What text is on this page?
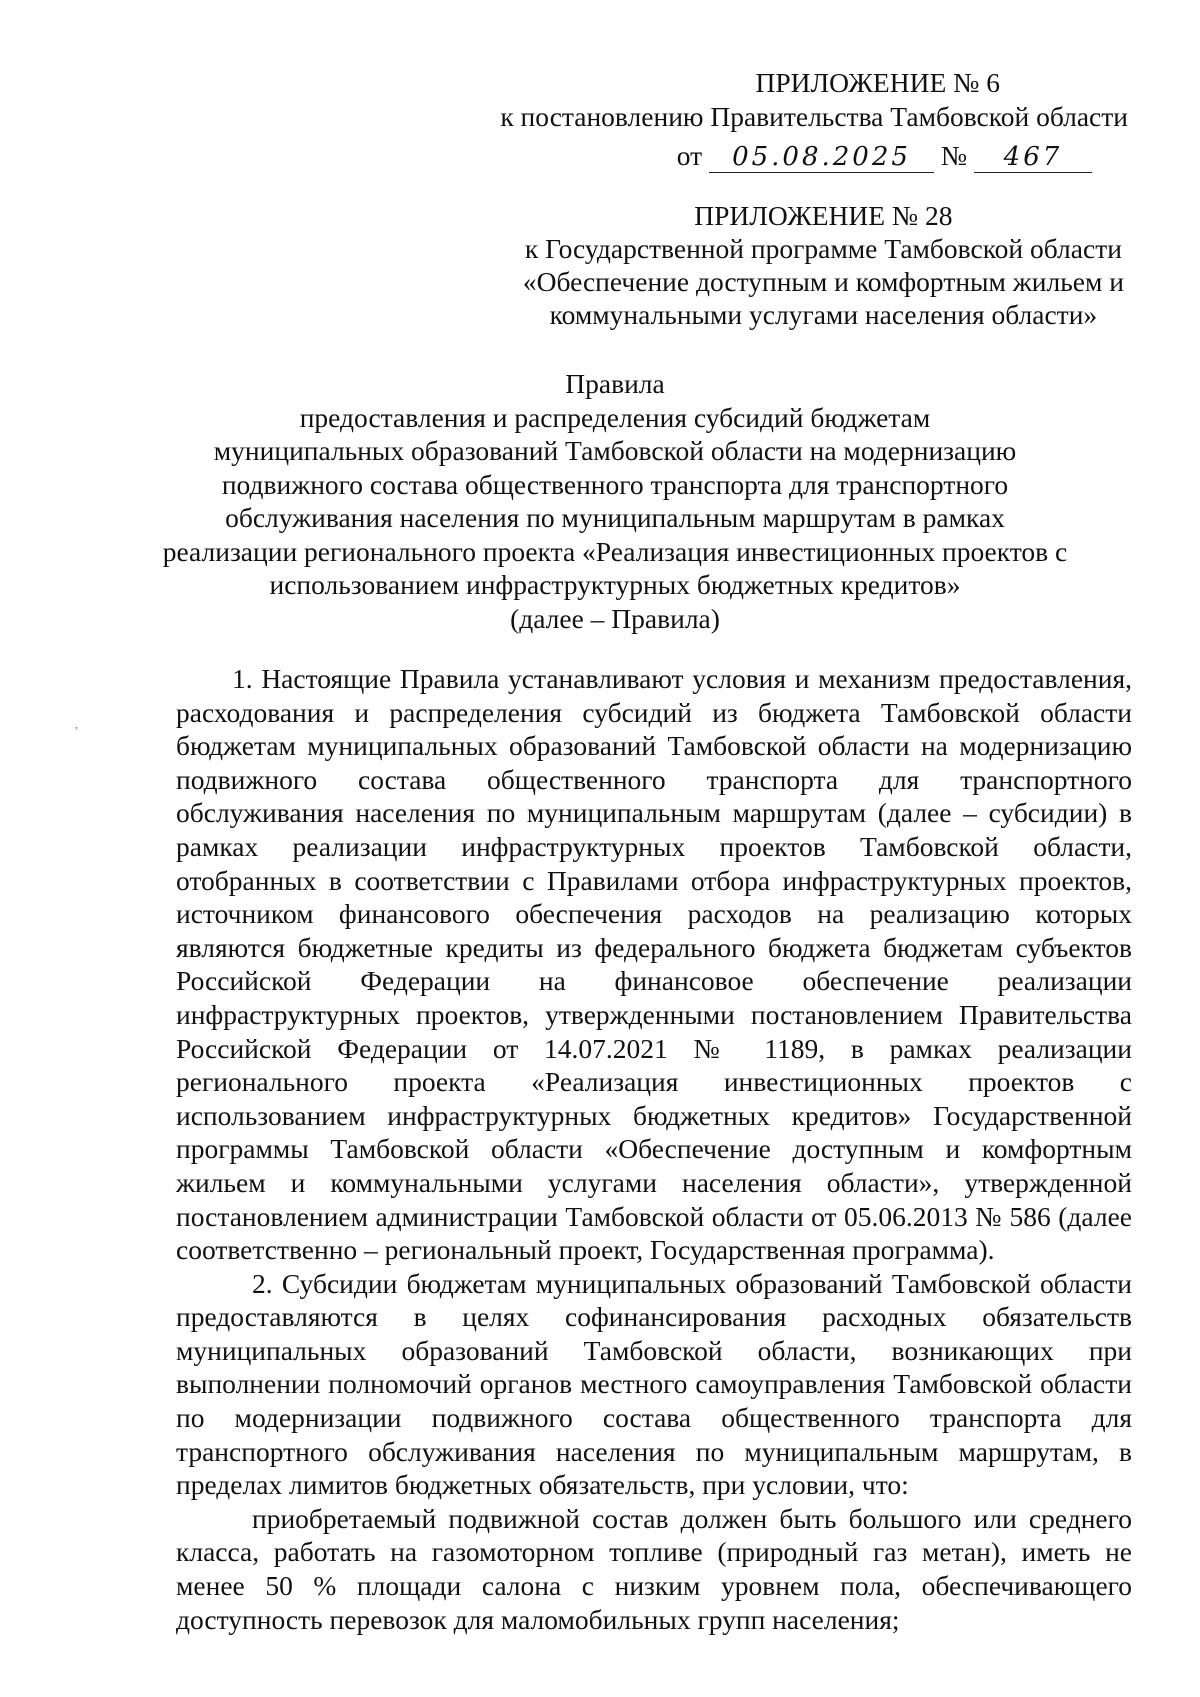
ПРИЛОЖЕНИЕ № 6
к постановлению Правительства Тамбовской области
от 05.08.2025 № 467
ПРИЛОЖЕНИЕ № 28
к Государственной программе Тамбовской области
«Обеспечение доступным и комфортным жильем и
коммунальными услугами населения области»
Правила
предоставления и распределения субсидий бюджетам
муниципальных образований Тамбовской области на модернизацию
подвижного состава общественного транспорта для транспортного
обслуживания населения по муниципальным маршрутам в рамках
реализации регионального проекта «Реализация инвестиционных проектов с
использованием инфраструктурных бюджетных кредитов»
(далее – Правила)
,

1. Настоящие Правила устанавливают условия и механизм предоставления, расходования и распределения субсидий из бюджета Тамбовской области бюджетам муниципальных образований Тамбовской области на модернизацию подвижного состава общественного транспорта для транспортного обслуживания населения по муниципальным маршрутам (далее – субсидии) в рамках реализации инфраструктурных проектов Тамбовской области, отобранных в соответствии с Правилами отбора инфраструктурных проектов, источником финансового обеспечения расходов на реализацию которых являются бюджетные кредиты из федерального бюджета бюджетам субъектов Российской Федерации на финансовое обеспечение реализации инфраструктурных проектов, утвержденными постановлением Правительства Российской Федерации от 14.07.2021 № 1189, в рамках реализации регионального проекта «Реализация инвестиционных проектов с использованием инфраструктурных бюджетных кредитов» Государственной программы Тамбовской области «Обеспечение доступным и комфортным жильем и коммунальными услугами населения области», утвержденной постановлением администрации Тамбовской области от 05.06.2013 № 586 (далее соответственно – региональный проект, Государственная программа).

2. Субсидии бюджетам муниципальных образований Тамбовской области предоставляются в целях софинансирования расходных обязательств муниципальных образований Тамбовской области, возникающих при выполнении полномочий органов местного самоуправления Тамбовской области по модернизации подвижного состава общественного транспорта для транспортного обслуживания населения по муниципальным маршрутам, в пределах лимитов бюджетных обязательств, при условии, что:

приобретаемый подвижной состав должен быть большого или среднего класса, работать на газомоторном топливе (природный газ метан), иметь не менее 50 % площади салона с низким уровнем пола, обеспечивающего доступность перевозок для маломобильных групп населения;
